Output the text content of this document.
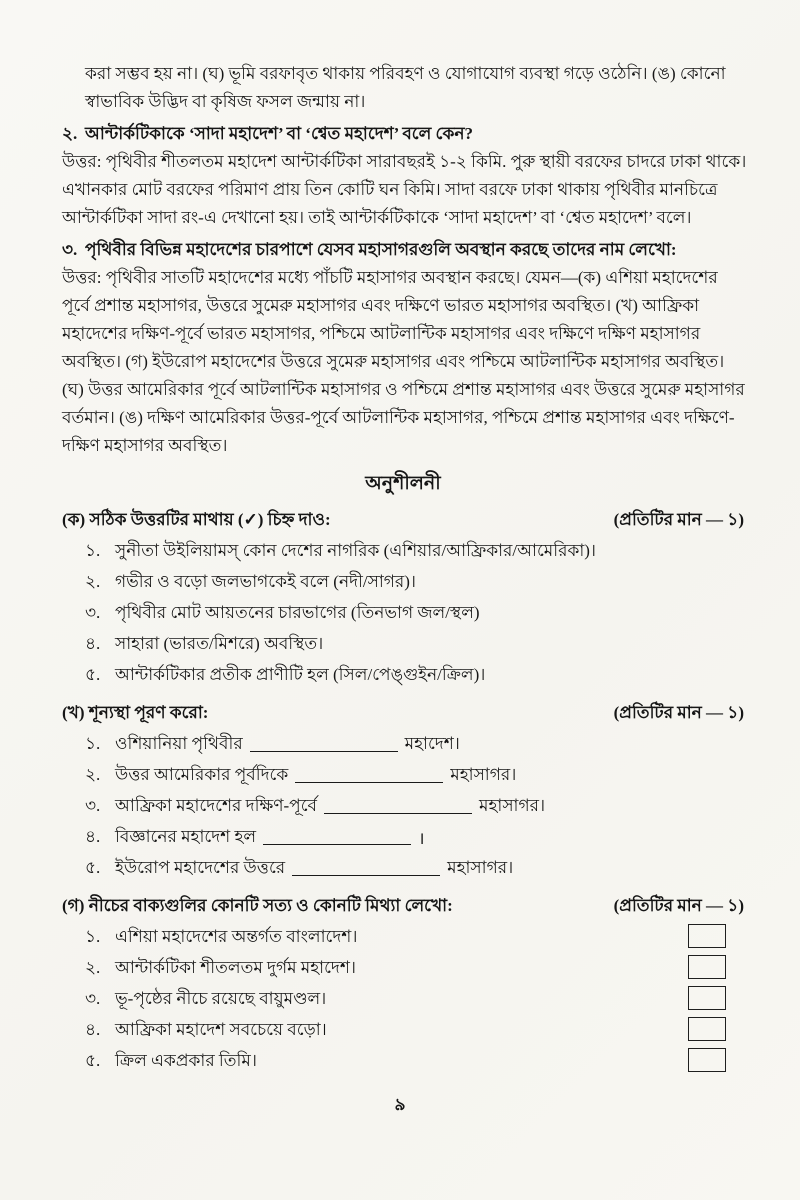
করা সম্ভব হয় না। (ঘ) ভূমি বরফাবৃত থাকায় পরিবহণ ও যোগাযোগ ব্যবস্থা গড়ে ওঠেনি। (ঙ) কোনো
স্বাভাবিক উদ্ভিদ বা কৃষিজ ফসল জন্মায় না।
২. আন্টার্কটিকাকে ‘সাদা মহাদেশ’ বা ‘শ্বেত মহাদেশ’ বলে কেন?
উত্তর: পৃথিবীর শীতলতম মহাদেশ আন্টার্কটিকা সারাবছরই ১-২ কিমি. পুরু স্থায়ী বরফের চাদরে ঢাকা থাকে।
এখানকার মোট বরফের পরিমাণ প্রায় তিন কোটি ঘন কিমি। সাদা বরফে ঢাকা থাকায় পৃথিবীর মানচিত্রে
আন্টার্কটিকা সাদা রং-এ দেখানো হয়। তাই আন্টার্কটিকাকে ‘সাদা মহাদেশ’ বা ‘শ্বেত মহাদেশ’ বলে।
৩. পৃথিবীর বিভিন্ন মহাদেশের চারপাশে যেসব মহাসাগরগুলি অবস্থান করছে তাদের নাম লেখো:
উত্তর: পৃথিবীর সাতটি মহাদেশের মধ্যে পাঁচটি মহাসাগর অবস্থান করছে। যেমন—(ক) এশিয়া মহাদেশের
পূর্বে প্রশান্ত মহাসাগর, উত্তরে সুমেরু মহাসাগর এবং দক্ষিণে ভারত মহাসাগর অবস্থিত। (খ) আফ্রিকা
মহাদেশের দক্ষিণ-পূর্বে ভারত মহাসাগর, পশ্চিমে আটলান্টিক মহাসাগর এবং দক্ষিণে দক্ষিণ মহাসাগর
অবস্থিত। (গ) ইউরোপ মহাদেশের উত্তরে সুমেরু মহাসাগর এবং পশ্চিমে আটলান্টিক মহাসাগর অবস্থিত।
(ঘ) উত্তর আমেরিকার পূর্বে আটলান্টিক মহাসাগর ও পশ্চিমে প্রশান্ত মহাসাগর এবং উত্তরে সুমেরু মহাসাগর
বর্তমান। (ঙ) দক্ষিণ আমেরিকার উত্তর-পূর্বে আটলান্টিক মহাসাগর, পশ্চিমে প্রশান্ত মহাসাগর এবং দক্ষিণে-
দক্ষিণ মহাসাগর অবস্থিত।
অনুশীলনী
(ক) সঠিক উত্তরটির মাথায় (✓) চিহ্ন দাও:	(প্রতিটির মান — ১)
১. সুনীতা উইলিয়ামস্ কোন দেশের নাগরিক (এশিয়ার/আফ্রিকার/আমেরিকা)।
২. গভীর ও বড়ো জলভাগকেই বলে (নদী/সাগর)।
৩. পৃথিবীর মোট আয়তনের চারভাগের (তিনভাগ জল/স্থল)
৪. সাহারা (ভারত/মিশরে) অবস্থিত।
৫. আন্টার্কটিকার প্রতীক প্রাণীটি হল (সিল/পেঙ্গুইন/ক্রিল)।
(খ) শূন্যস্থা পূরণ করো:	(প্রতিটির মান — ১)
১. ওশিয়ানিয়া পৃথিবীর	মহাদেশ।
২. উত্তর আমেরিকার পূর্বদিকে	মহাসাগর।
৩. আফ্রিকা মহাদেশের দক্ষিণ-পূর্বে	মহাসাগর।
৪. বিজ্ঞানের মহাদেশ হল	।
৫. ইউরোপ মহাদেশের উত্তরে	মহাসাগর।
(গ) নীচের বাক্যগুলির কোনটি সত্য ও কোনটি মিথ্যা লেখো:	(প্রতিটির মান — ১)
১. এশিয়া মহাদেশের অন্তর্গত বাংলাদেশ।
২. আন্টার্কটিকা শীতলতম দুর্গম মহাদেশ।
৩. ভূ-পৃষ্ঠের নীচে রয়েছে বায়ুমণ্ডল।
৪. আফ্রিকা মহাদেশ সবচেয়ে বড়ো।
৫. ক্রিল একপ্রকার তিমি।
৯
